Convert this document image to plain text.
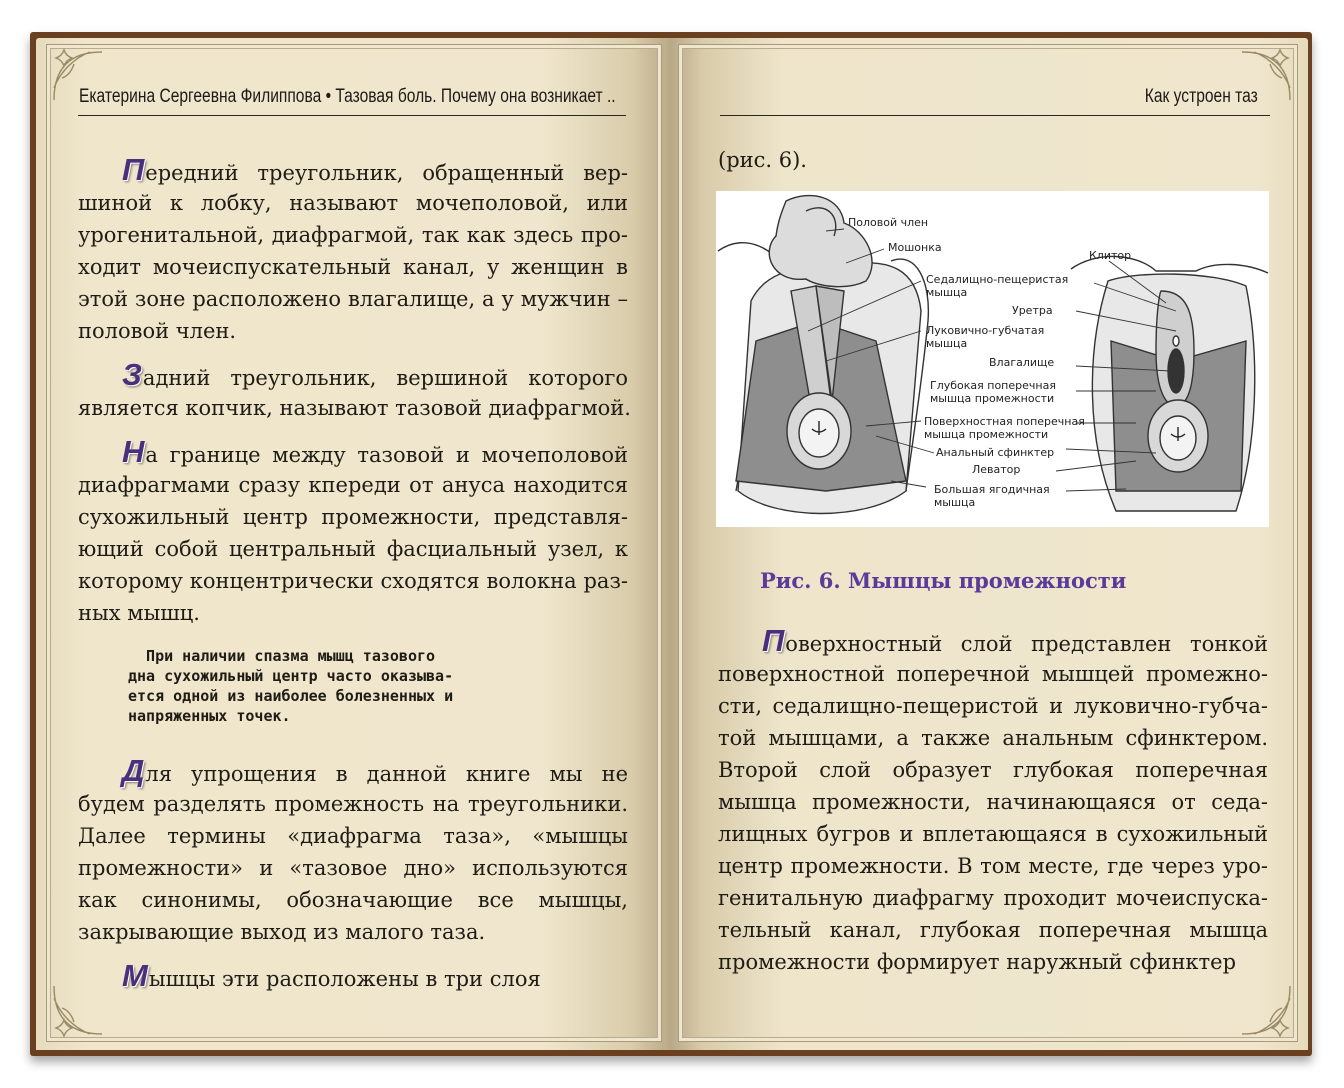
Екатерина Сергеевна Филиппова • Тазовая боль. Почему она возникает ..
Передний треугольник, обращенный вер-
шиной к лобку, называют мочеполовой, или
урогенитальной, диафрагмой, так как здесь про-
ходит мочеиспускательный канал, у женщин в
этой зоне расположено влагалище, а у мужчин –
половой член.
Задний треугольник, вершиной которого
является копчик, называют тазовой диафрагмой.
На границе между тазовой и мочеполовой
диафрагмами сразу кпереди от ануса находится
сухожильный центр промежности, представля-
ющий собой центральный фасциальный узел, к
которому концентрически сходятся волокна раз-
ных мышц.
При наличии спазма мышц тазового
дна сухожильный центр часто оказыва-
ется одной из наиболее болезненных и
напряженных точек.
Для упрощения в данной книге мы не
будем разделять промежность на треугольники.
Далее термины «диафрагма таза», «мышцы
промежности» и «тазовое дно» используются
как синонимы, обозначающие все мышцы,
закрывающие выход из малого таза.
Мышцы эти расположены в три слоя
Как устроен таз
(рис. 6).
Половой член
Мошонка
Седалищно-пещеристая
мышца
Уретра
Луковично-губчатая
мышца
Влагалище
Глубокая поперечная
мышца промежности
Поверхностная поперечная
мышца промежности
Анальный сфинктер
Леватор
Большая ягодичная
мышца
Клитор
Рис. 6. Мышцы промежности
Поверхностный слой представлен тонкой
поверхностной поперечной мышцей промежно-
сти, седалищно-пещеристой и луковично-губча-
той мышцами, а также анальным сфинктером.
Второй слой образует глубокая поперечная
мышца промежности, начинающаяся от седа-
лищных бугров и вплетающаяся в сухожильный
центр промежности. В том месте, где через уро-
генитальную диафрагму проходит мочеиспуска-
тельный канал, глубокая поперечная мышца
промежности формирует наружный сфинктер
